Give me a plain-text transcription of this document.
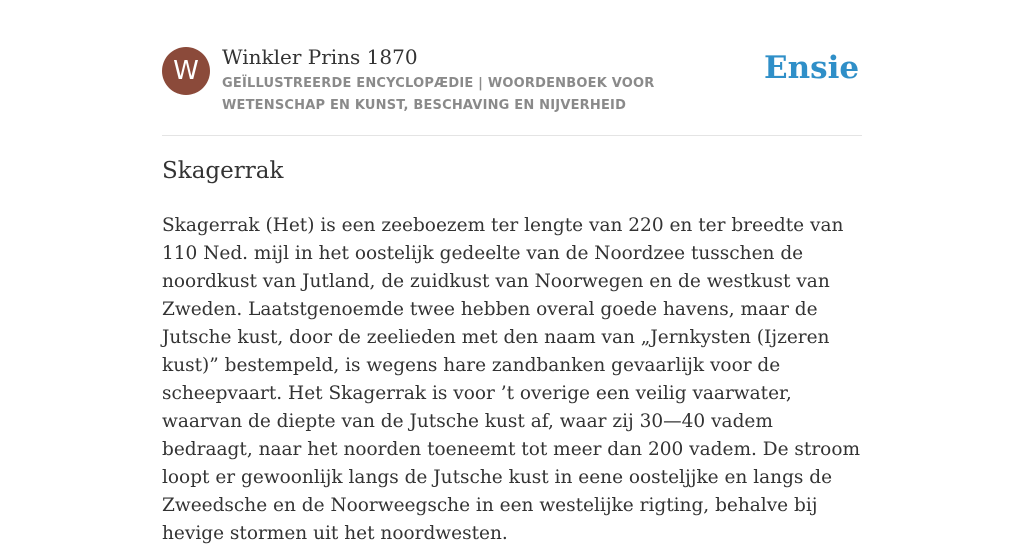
W	Winkler Prins 1870
GEÏLLUSTREERDE ENCYCLOPÆDIE | WOORDENBOEK VOOR WETENSCHAP EN KUNST, BESCHAVING EN NIJVERHEID
Ensie
Skagerrak

Skagerrak (Het) is een zeeboezem ter lengte van 220 en ter breedte van 110 Ned. mijl in het oostelijk gedeelte van de Noordzee tusschen de noordkust van Jutland, de zuidkust van Noorwegen en de westkust van Zweden. Laatstgenoemde twee hebben overal goede havens, maar de Jutsche kust, door de zeelieden met den naam van „Jernkysten (Ijzeren kust)” bestempeld, is wegens hare zandbanken gevaarlijk voor de scheepvaart. Het Skagerrak is voor ’t overige een veilig vaarwater, waarvan de diepte van de Jutsche kust af, waar zij 30—40 vadem bedraagt, naar het noorden toeneemt tot meer dan 200 vadem. De stroom loopt er gewoonlijk langs de Jutsche kust in eene oosteljjke en langs de Zweedsche en de Noorweegsche in een westelijke rigting, behalve bij hevige stormen uit het noordwesten.
